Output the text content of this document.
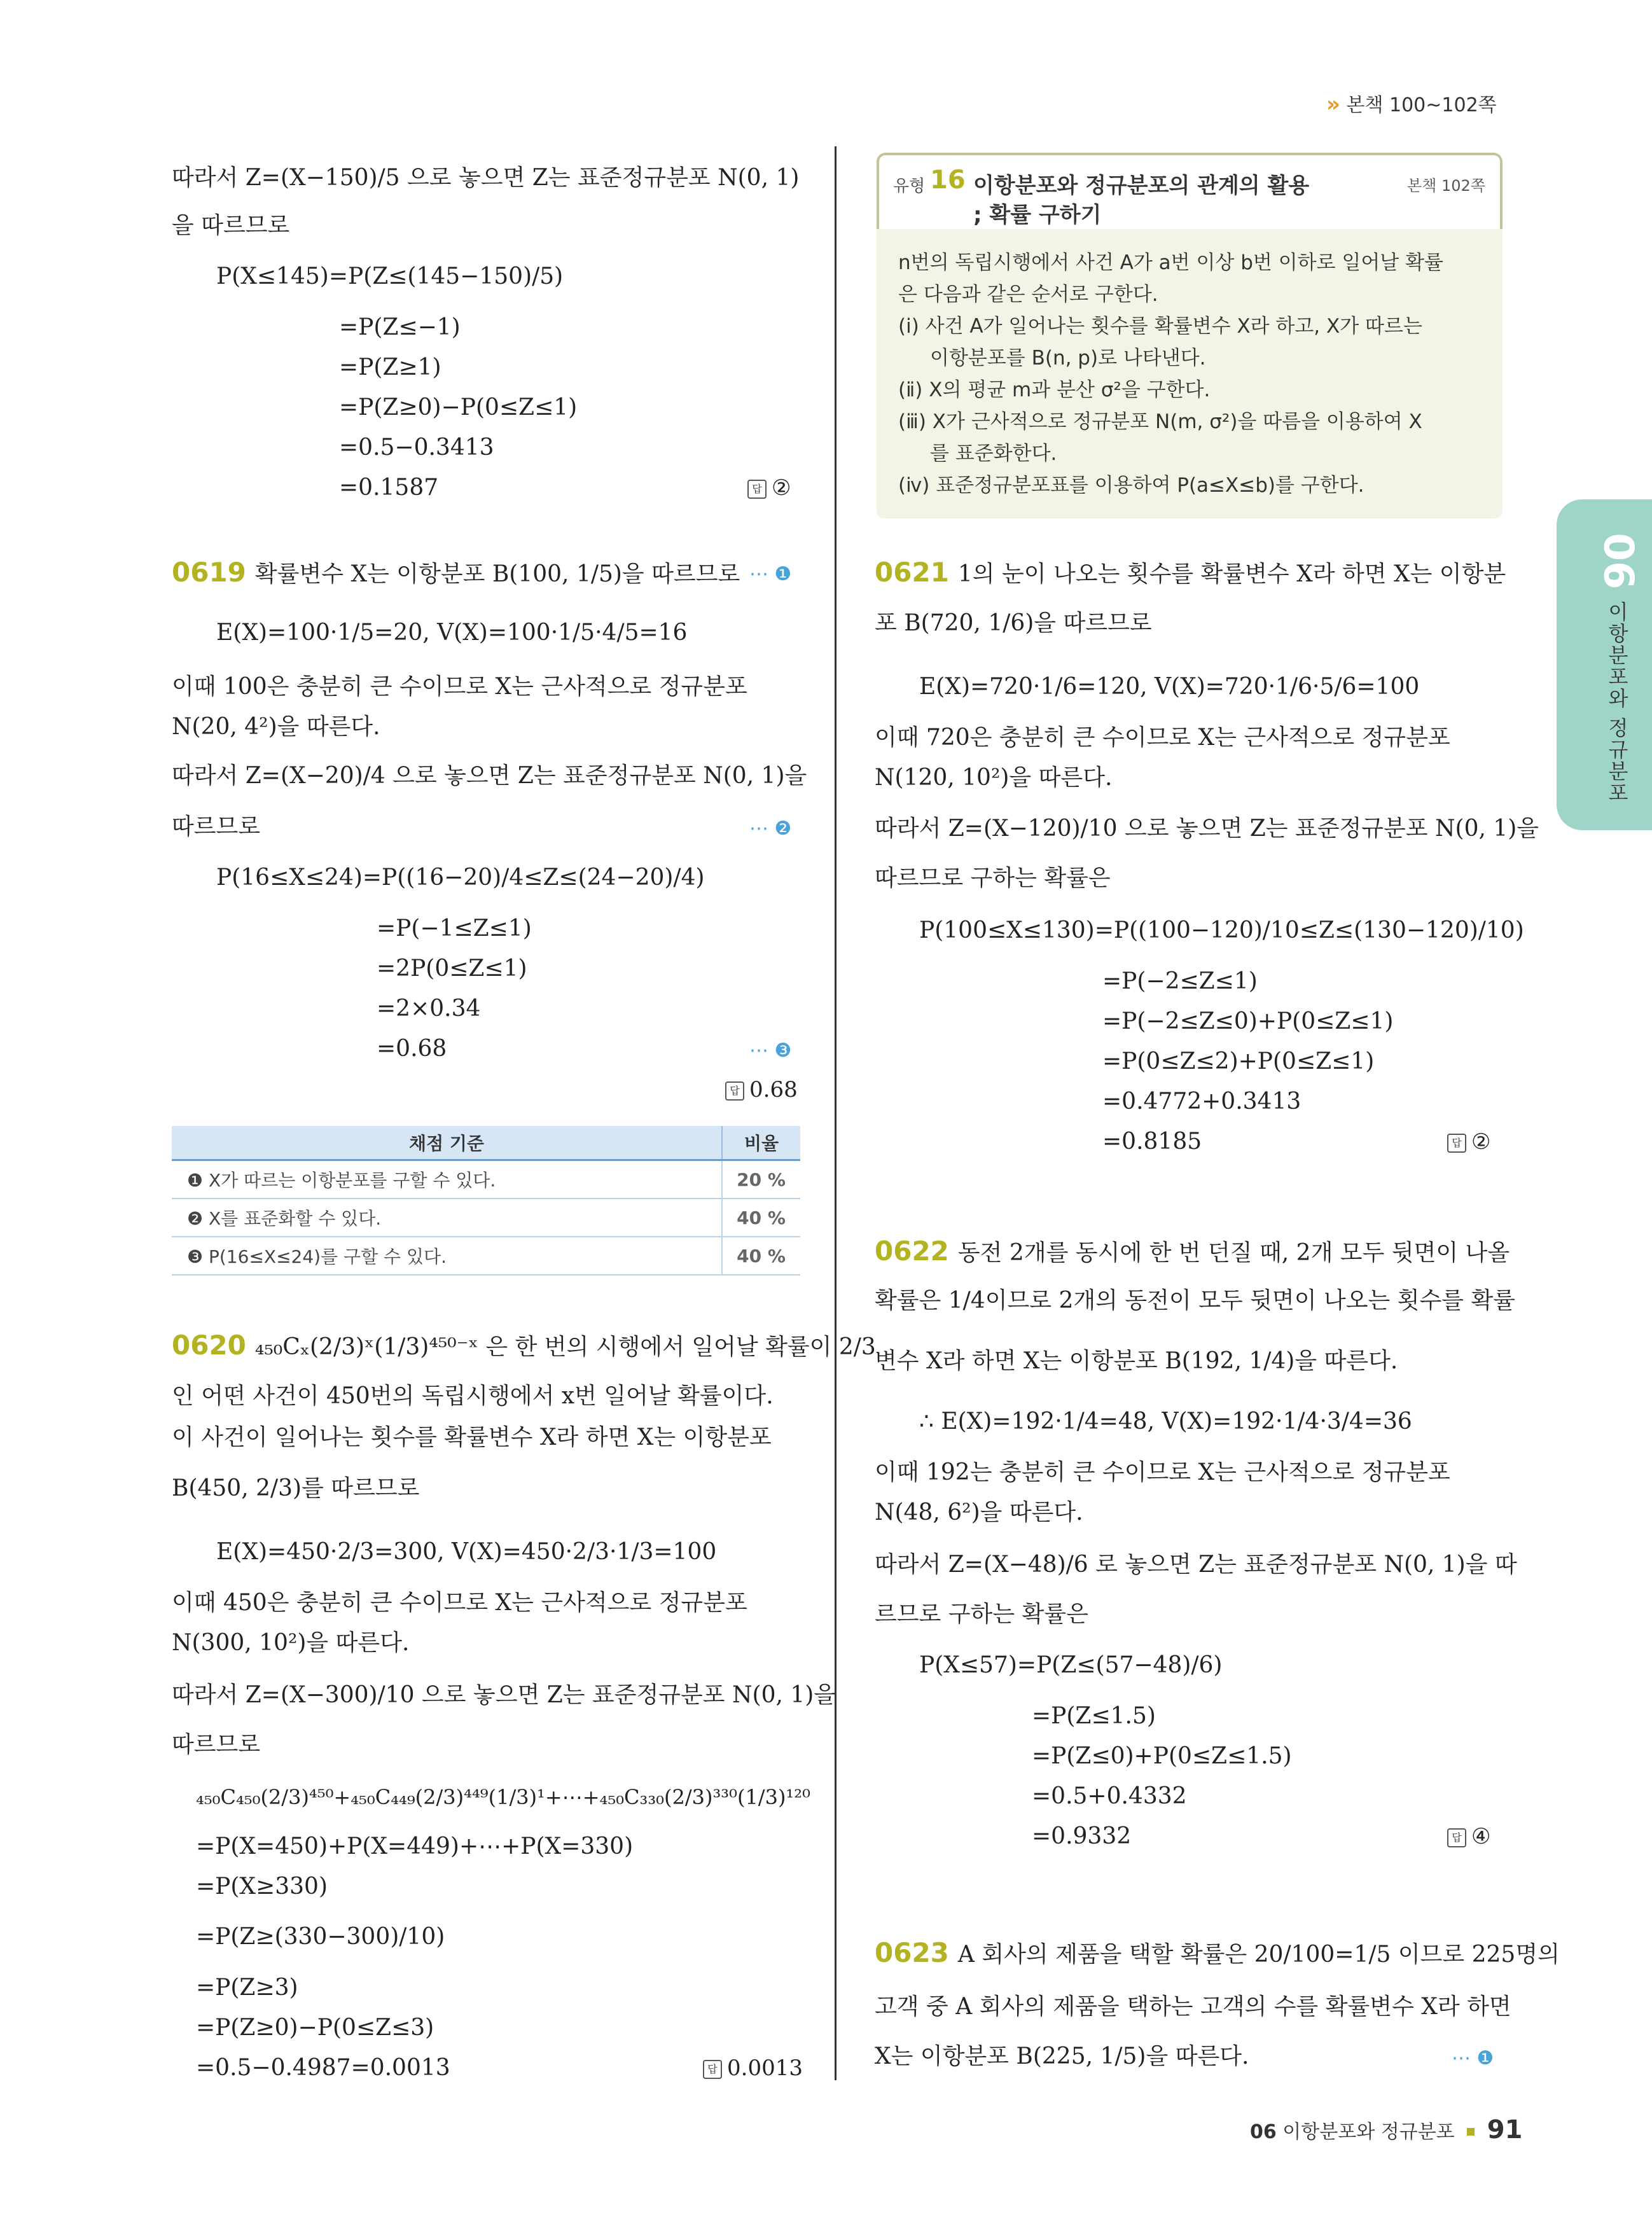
» 본책 100~102쪽
따라서 Z=(X−150)/5 으로 놓으면 Z는 표준정규분포 N(0, 1)
을 따르므로
P(X≤145)=P(Z≤(145−150)/5)
=P(Z≤−1)
=P(Z≥1)
=P(Z≥0)−P(0≤Z≤1)
=0.5−0.3413
=0.1587	답 ②
0619 확률변수 X는 이항분포 B(100, 1/5)을 따르므로 ⋯ ❶
E(X)=100·1/5=20, V(X)=100·1/5·4/5=16
이때 100은 충분히 큰 수이므로 X는 근사적으로 정규분포
N(20, 4²)을 따른다.
따라서 Z=(X−20)/4 으로 놓으면 Z는 표준정규분포 N(0, 1)을
따르므로	⋯ ❷
P(16≤X≤24)=P((16−20)/4≤Z≤(24−20)/4)
=P(−1≤Z≤1)
=2P(0≤Z≤1)
=2×0.34
=0.68	⋯ ❸
답 0.68
채점 기준	비율
❶ X가 따르는 이항분포를 구할 수 있다.	20 %
❷ X를 표준화할 수 있다.	40 %
❸ P(16≤X≤24)를 구할 수 있다.	40 %
0620 ₄₅₀Cₓ(2/3)ˣ(1/3)⁴⁵⁰⁻ˣ 은 한 번의 시행에서 일어날 확률이 2/3
인 어떤 사건이 450번의 독립시행에서 x번 일어날 확률이다.
이 사건이 일어나는 횟수를 확률변수 X라 하면 X는 이항분포
B(450, 2/3)를 따르므로
E(X)=450·2/3=300, V(X)=450·2/3·1/3=100
이때 450은 충분히 큰 수이므로 X는 근사적으로 정규분포
N(300, 10²)을 따른다.
따라서 Z=(X−300)/10 으로 놓으면 Z는 표준정규분포 N(0, 1)을
따르므로
₄₅₀C₄₅₀(2/3)⁴⁵⁰+₄₅₀C₄₄₉(2/3)⁴⁴⁹(1/3)¹+⋯+₄₅₀C₃₃₀(2/3)³³⁰(1/3)¹²⁰
=P(X=450)+P(X=449)+⋯+P(X=330)
=P(X≥330)
=P(Z≥(330−300)/10)
=P(Z≥3)
=P(Z≥0)−P(0≤Z≤3)
=0.5−0.4987=0.0013	답 0.0013
유형 16 이항분포와 정규분포의 관계의 활용
; 확률 구하기
본책 102쪽
n번의 독립시행에서 사건 A가 a번 이상 b번 이하로 일어날 확률
은 다음과 같은 순서로 구한다.
(ⅰ) 사건 A가 일어나는 횟수를 확률변수 X라 하고, X가 따르는
이항분포를 B(n, p)로 나타낸다.
(ⅱ) X의 평균 m과 분산 σ²을 구한다.
(ⅲ) X가 근사적으로 정규분포 N(m, σ²)을 따름을 이용하여 X
를 표준화한다.
(ⅳ) 표준정규분포표를 이용하여 P(a≤X≤b)를 구한다.
0621 1의 눈이 나오는 횟수를 확률변수 X라 하면 X는 이항분
포 B(720, 1/6)을 따르므로
E(X)=720·1/6=120, V(X)=720·1/6·5/6=100
이때 720은 충분히 큰 수이므로 X는 근사적으로 정규분포
N(120, 10²)을 따른다.
따라서 Z=(X−120)/10 으로 놓으면 Z는 표준정규분포 N(0, 1)을
따르므로 구하는 확률은
P(100≤X≤130)=P((100−120)/10≤Z≤(130−120)/10)
=P(−2≤Z≤1)
=P(−2≤Z≤0)+P(0≤Z≤1)
=P(0≤Z≤2)+P(0≤Z≤1)
=0.4772+0.3413
=0.8185	답 ②
0622 동전 2개를 동시에 한 번 던질 때, 2개 모두 뒷면이 나올
확률은 1/4이므로 2개의 동전이 모두 뒷면이 나오는 횟수를 확률
변수 X라 하면 X는 이항분포 B(192, 1/4)을 따른다.
∴ E(X)=192·1/4=48, V(X)=192·1/4·3/4=36
이때 192는 충분히 큰 수이므로 X는 근사적으로 정규분포
N(48, 6²)을 따른다.
따라서 Z=(X−48)/6 로 놓으면 Z는 표준정규분포 N(0, 1)을 따
르므로 구하는 확률은
P(X≤57)=P(Z≤(57−48)/6)
=P(Z≤1.5)
=P(Z≤0)+P(0≤Z≤1.5)
=0.5+0.4332
=0.9332	답 ④
0623 A 회사의 제품을 택할 확률은 20/100=1/5 이므로 225명의
고객 중 A 회사의 제품을 택하는 고객의 수를 확률변수 X라 하면
X는 이항분포 B(225, 1/5)을 따른다.	⋯ ❶
06
이항분포와 정규분포
06 이항분포와 정규분포 91
